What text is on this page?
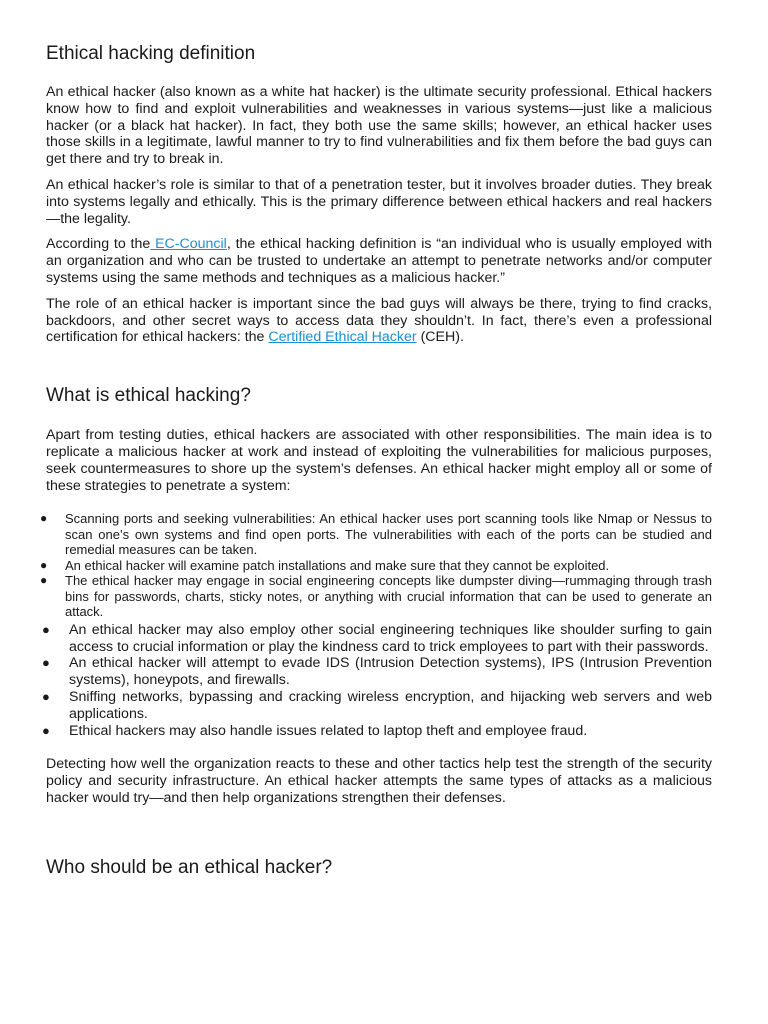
Ethical hacking definition

An ethical hacker (also known as a white hat hacker) is the ultimate security professional. Ethical hackers know how to find and exploit vulnerabilities and weaknesses in various systems—just like a malicious hacker (or a black hat hacker). In fact, they both use the same skills; however, an ethical hacker uses those skills in a legitimate, lawful manner to try to find vulnerabilities and fix them before the bad guys can get there and try to break in.

An ethical hacker’s role is similar to that of a penetration tester, but it involves broader duties. They break into systems legally and ethically. This is the primary difference between ethical hackers and real hackers—the legality.

According to the EC-Council, the ethical hacking definition is “an individual who is usually employed with an organization and who can be trusted to undertake an attempt to penetrate networks and/or computer systems using the same methods and techniques as a malicious hacker.”

The role of an ethical hacker is important since the bad guys will always be there, trying to find cracks, backdoors, and other secret ways to access data they shouldn’t. In fact, there’s even a professional certification for ethical hackers: the Certified Ethical Hacker (CEH).

What is ethical hacking?

Apart from testing duties, ethical hackers are associated with other responsibilities. The main idea is to replicate a malicious hacker at work and instead of exploiting the vulnerabilities for malicious purposes, seek countermeasures to shore up the system’s defenses. An ethical hacker might employ all or some of these strategies to penetrate a system:

● Scanning ports and seeking vulnerabilities: An ethical hacker uses port scanning tools like Nmap or Nessus to scan one’s own systems and find open ports. The vulnerabilities with each of the ports can be studied and remedial measures can be taken.
● An ethical hacker will examine patch installations and make sure that they cannot be exploited.
● The ethical hacker may engage in social engineering concepts like dumpster diving—rummaging through trash bins for passwords, charts, sticky notes, or anything with crucial information that can be used to generate an attack.
● An ethical hacker may also employ other social engineering techniques like shoulder surfing to gain access to crucial information or play the kindness card to trick employees to part with their passwords.
● An ethical hacker will attempt to evade IDS (Intrusion Detection systems), IPS (Intrusion Prevention systems), honeypots, and firewalls.
● Sniffing networks, bypassing and cracking wireless encryption, and hijacking web servers and web applications.
● Ethical hackers may also handle issues related to laptop theft and employee fraud.

Detecting how well the organization reacts to these and other tactics help test the strength of the security policy and security infrastructure. An ethical hacker attempts the same types of attacks as a malicious hacker would try—and then help organizations strengthen their defenses.

Who should be an ethical hacker?
